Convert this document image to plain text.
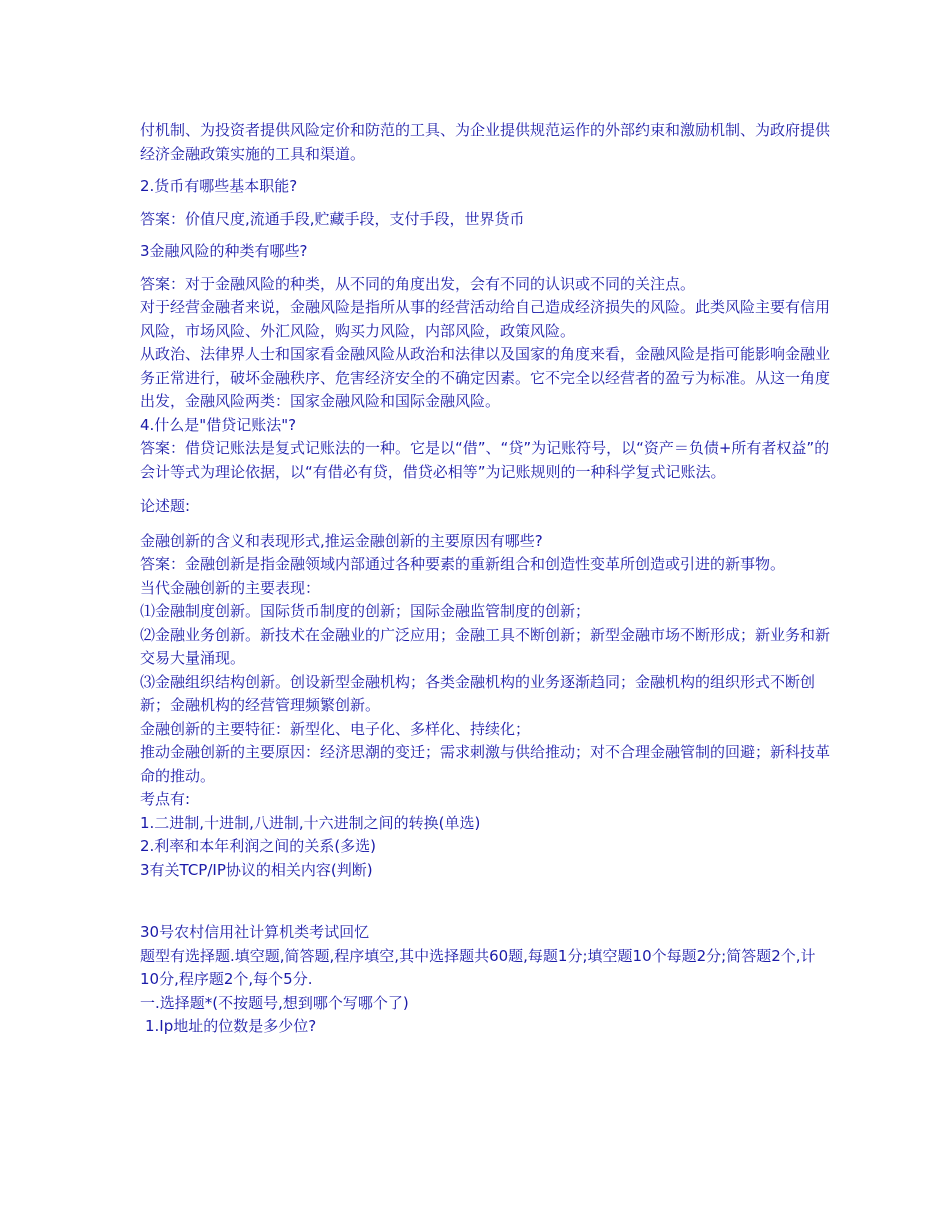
付机制、为投资者提供风险定价和防范的工具、为企业提供规范运作的外部约束和激励机制、为政府提供经济金融政策实施的工具和渠道。

2.货币有哪些基本职能?

答案：价值尺度,流通手段,贮藏手段，支付手段，世界货币

3金融风险的种类有哪些?

答案：对于金融风险的种类，从不同的角度出发，会有不同的认识或不同的关注点。

对于经营金融者来说，金融风险是指所从事的经营活动给自己造成经济损失的风险。此类风险主要有信用风险，市场风险、外汇风险，购买力风险，内部风险，政策风险。

从政治、法律界人士和国家看金融风险从政治和法律以及国家的角度来看，金融风险是指可能影响金融业务正常进行，破坏金融秩序、危害经济安全的不确定因素。它不完全以经营者的盈亏为标准。从这一角度出发，金融风险两类：国家金融风险和国际金融风险。

4.什么是"借贷记账法"?

答案：借贷记账法是复式记账法的一种。它是以“借”、“贷”为记账符号，以“资产＝负债+所有者权益”的会计等式为理论依据，以“有借必有贷，借贷必相等”为记账规则的一种科学复式记账法。

论述题:

金融创新的含义和表现形式,推运金融创新的主要原因有哪些?

答案：金融创新是指金融领域内部通过各种要素的重新组合和创造性变革所创造或引进的新事物。

当代金融创新的主要表现：

⑴金融制度创新。国际货币制度的创新；国际金融监管制度的创新；

⑵金融业务创新。新技术在金融业的广泛应用；金融工具不断创新；新型金融市场不断形成；新业务和新交易大量涌现。

⑶金融组织结构创新。创设新型金融机构；各类金融机构的业务逐渐趋同；金融机构的组织形式不断创新；金融机构的经营管理频繁创新。

金融创新的主要特征：新型化、电子化、多样化、持续化；

推动金融创新的主要原因：经济思潮的变迁；需求刺激与供给推动；对不合理金融管制的回避；新科技革命的推动。

考点有:

1.二进制,十进制,八进制,十六进制之间的转换(单选)

2.利率和本年利润之间的关系(多选)

3有关TCP/IP协议的相关内容(判断)

30号农村信用社计算机类考试回忆

题型有选择题.填空题,简答题,程序填空,其中选择题共60题,每题1分;填空题10个每题2分;简答题2个,计10分,程序题2个,每个5分.

一.选择题*(不按题号,想到哪个写哪个了)

1.Ip地址的位数是多少位?
